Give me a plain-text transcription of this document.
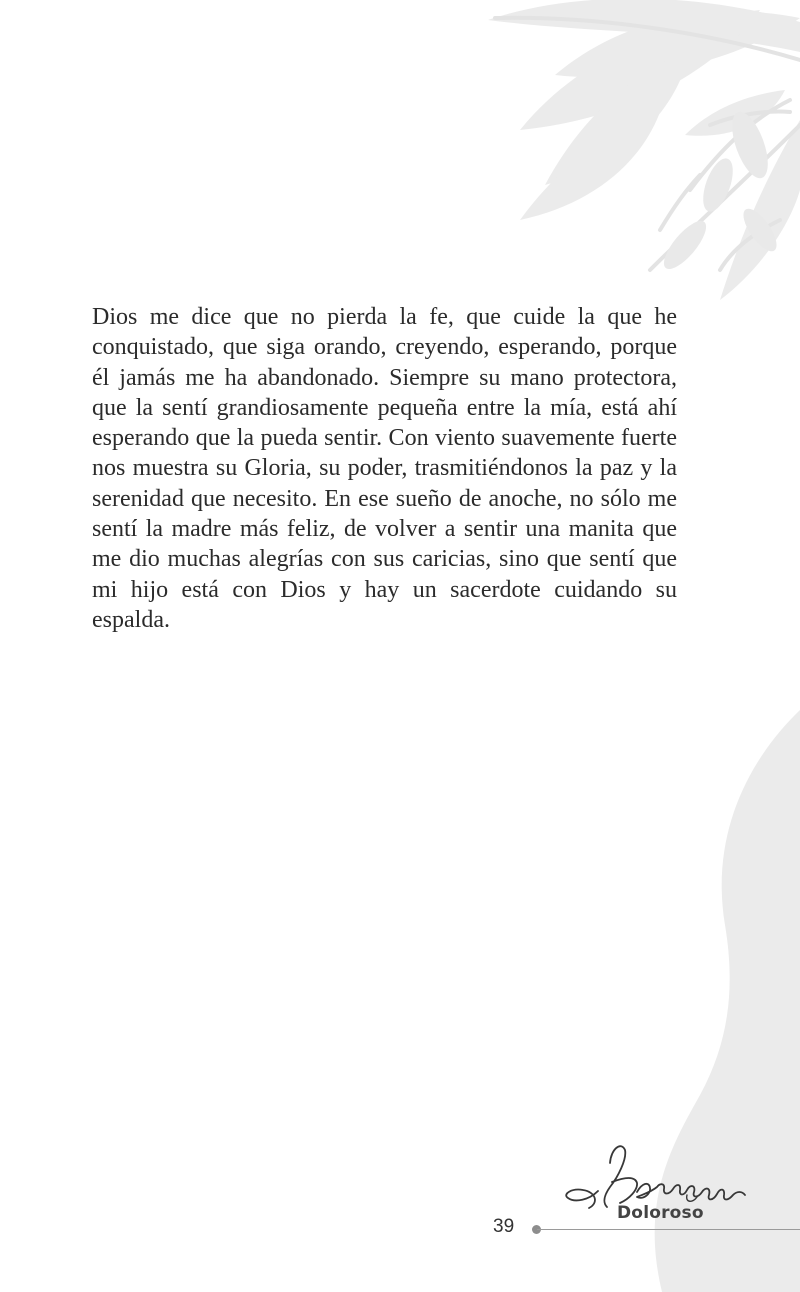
Dios me dice que no pierda la fe, que cuide la que he conquistado, que siga orando, creyendo, esperando, porque él jamás me ha abandonado. Siempre su mano protectora, que la sentí grandiosamente pequeña entre la mía, está ahí esperando que la pueda sentir. Con viento suavemente fuerte nos muestra su Gloria, su poder, trasmitiéndonos la paz y la serenidad que necesito. En ese sueño de anoche, no sólo me sentí la madre más feliz, de volver a sentir una manita que me dio muchas alegrías con sus caricias, sino que sentí que mi hijo está con Dios y hay un sacerdote cuidando su espalda.

39
Doloroso
